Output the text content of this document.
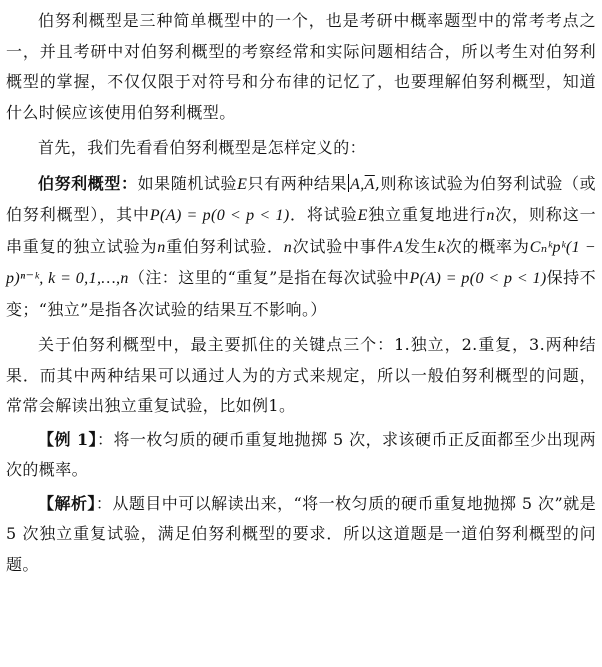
伯努利概型是三种简单概型中的一个，也是考研中概率题型中的常考考点之一，并且考研中对伯努利概型的考察经常和实际问题相结合，所以考生对伯努利概型的掌握，不仅仅限于对符号和分布律的记忆了，也要理解伯努利概型，知道什么时候应该使用伯努利概型。

首先，我们先看看伯努利概型是怎样定义的：

伯努利概型：如果随机试验E只有两种结果 $A,\overline{A}$,则称该试验为伯努利试验（或伯努利概型），其中P(A) = p(0 < p < 1)．将试验E独立重复地进行n次，则称这一串重复的独立试验为n重伯努利试验．n次试验中事件A发生k次的概率为Cₙᵏpᵏ(1 − p)ⁿ⁻ᵏ, k = 0,1,…,n（注：这里的“重复”是指在每次试验中P(A) = p(0 < p < 1)保持不变；“独立”是指各次试验的结果互不影响。）

关于伯努利概型中，最主要抓住的关键点三个：1.独立，2.重复，3.两种结果．而其中两种结果可以通过人为的方式来规定，所以一般伯努利概型的问题，常常会解读出独立重复试验，比如例1。

【例 1】：将一枚匀质的硬币重复地抛掷 5 次，求该硬币正反面都至少出现两次的概率。

【解析】：从题目中可以解读出来，“将一枚匀质的硬币重复地抛掷 5 次”就是 5 次独立重复试验，满足伯努利概型的要求．所以这道题是一道伯努利概型的问题。
